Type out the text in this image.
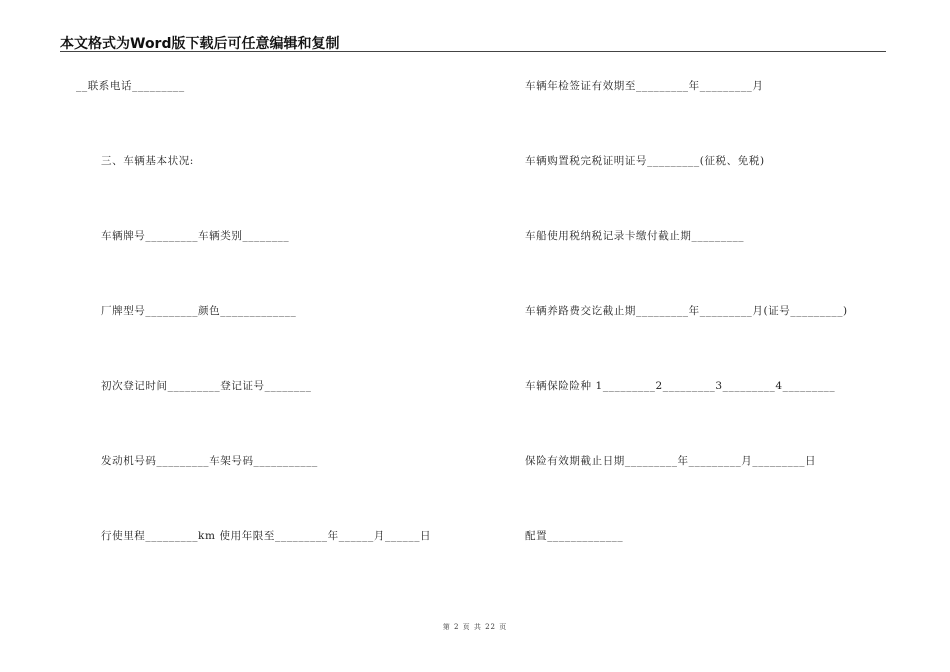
本文格式为Word版下载后可任意编辑和复制
__联系电话_________
三、车辆基本状况:
车辆牌号_________车辆类别________
厂牌型号_________颜色_____________
初次登记时间_________登记证号________
发动机号码_________车架号码___________
行使里程_________km 使用年限至_________年______月______日
车辆年检签证有效期至_________年_________月
车辆购置税完税证明证号_________(征税、免税)
车船使用税纳税记录卡缴付截止期_________
车辆养路费交讫截止期_________年_________月(证号_________)
车辆保险险种 1_________2_________3_________4_________
保险有效期截止日期_________年_________月_________日
配置_____________
第 2 页 共 22 页
